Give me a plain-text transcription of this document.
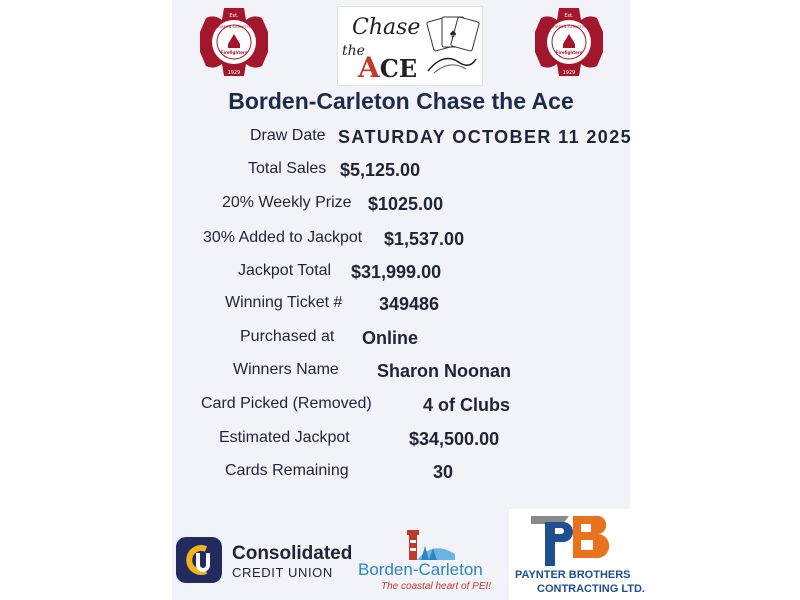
Est.
BORDEN-CARLETON
Firefighters
1929
Chase
the
ACE
♠
Est.
BORDEN-CARLETON
Firefighters
1929
Borden-Carleton Chase the Ace
Draw Date SATURDAY OCTOBER 11 2025
Total Sales $5,125.00
20% Weekly Prize $1025.00
30% Added to Jackpot $1,537.00
Jackpot Total $31,999.00
Winning Ticket # 349486
Purchased at Online
Winners Name Sharon Noonan
Card Picked (Removed)	4 of Clubs
Estimated Jackpot	$34,500.00
Cards Remaining	30
Consolidated
CREDIT UNION Borden-Carleton
The coastal heart of PEI!
PAYNTER BROTHERS
CONTRACTING LTD.
